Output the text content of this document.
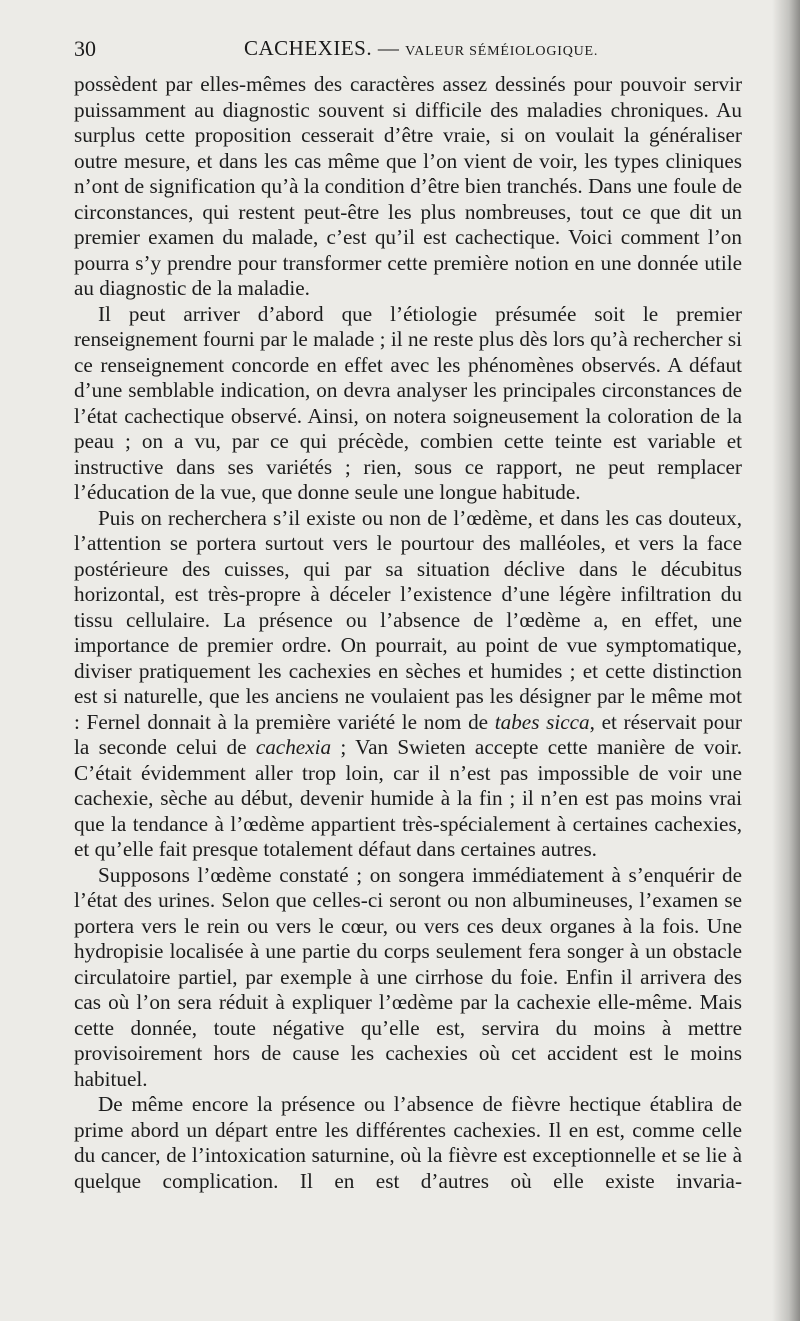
30	CACHEXIES. — VALEUR SÉMÉIOLOGIQUE.

possèdent par elles-mêmes des caractères assez dessinés pour pouvoir servir puissamment au diagnostic souvent si difficile des maladies chroniques. Au surplus cette proposition cesserait d’être vraie, si on voulait la généraliser outre mesure, et dans les cas même que l’on vient de voir, les types cliniques n’ont de signification qu’à la condition d’être bien tranchés. Dans une foule de circonstances, qui restent peut-être les plus nombreuses, tout ce que dit un premier examen du malade, c’est qu’il est cachectique. Voici comment l’on pourra s’y prendre pour transformer cette première notion en une donnée utile au diagnostic de la maladie.

Il peut arriver d’abord que l’étiologie présumée soit le premier renseignement fourni par le malade ; il ne reste plus dès lors qu’à rechercher si ce renseignement concorde en effet avec les phénomènes observés. A défaut d’une semblable indication, on devra analyser les principales circonstances de l’état cachectique observé. Ainsi, on notera soigneusement la coloration de la peau ; on a vu, par ce qui précède, combien cette teinte est variable et instructive dans ses variétés ; rien, sous ce rapport, ne peut remplacer l’éducation de la vue, que donne seule une longue habitude.

Puis on recherchera s’il existe ou non de l’œdème, et dans les cas douteux, l’attention se portera surtout vers le pourtour des malléoles, et vers la face postérieure des cuisses, qui par sa situation déclive dans le décubitus horizontal, est très-propre à déceler l’existence d’une légère infiltration du tissu cellulaire. La présence ou l’absence de l’œdème a, en effet, une importance de premier ordre. On pourrait, au point de vue symptomatique, diviser pratiquement les cachexies en sèches et humides ; et cette distinction est si naturelle, que les anciens ne voulaient pas les désigner par le même mot : Fernel donnait à la première variété le nom de tabes sicca, et réservait pour la seconde celui de cachexia ; Van Swieten accepte cette manière de voir. C’était évidemment aller trop loin, car il n’est pas impossible de voir une cachexie, sèche au début, devenir humide à la fin ; il n’en est pas moins vrai que la tendance à l’œdème appartient très-spécialement à certaines cachexies, et qu’elle fait presque totalement défaut dans certaines autres.

Supposons l’œdème constaté ; on songera immédiatement à s’enquérir de l’état des urines. Selon que celles-ci seront ou non albumineuses, l’examen se portera vers le rein ou vers le cœur, ou vers ces deux organes à la fois. Une hydropisie localisée à une partie du corps seulement fera songer à un obstacle circulatoire partiel, par exemple à une cirrhose du foie. Enfin il arrivera des cas où l’on sera réduit à expliquer l’œdème par la cachexie elle-même. Mais cette donnée, toute négative qu’elle est, servira du moins à mettre provisoirement hors de cause les cachexies où cet accident est le moins habituel.

De même encore la présence ou l’absence de fièvre hectique établira de prime abord un départ entre les différentes cachexies. Il en est, comme celle du cancer, de l’intoxication saturnine, où la fièvre est exceptionnelle et se lie à quelque complication. Il en est d’autres où elle existe invaria-
